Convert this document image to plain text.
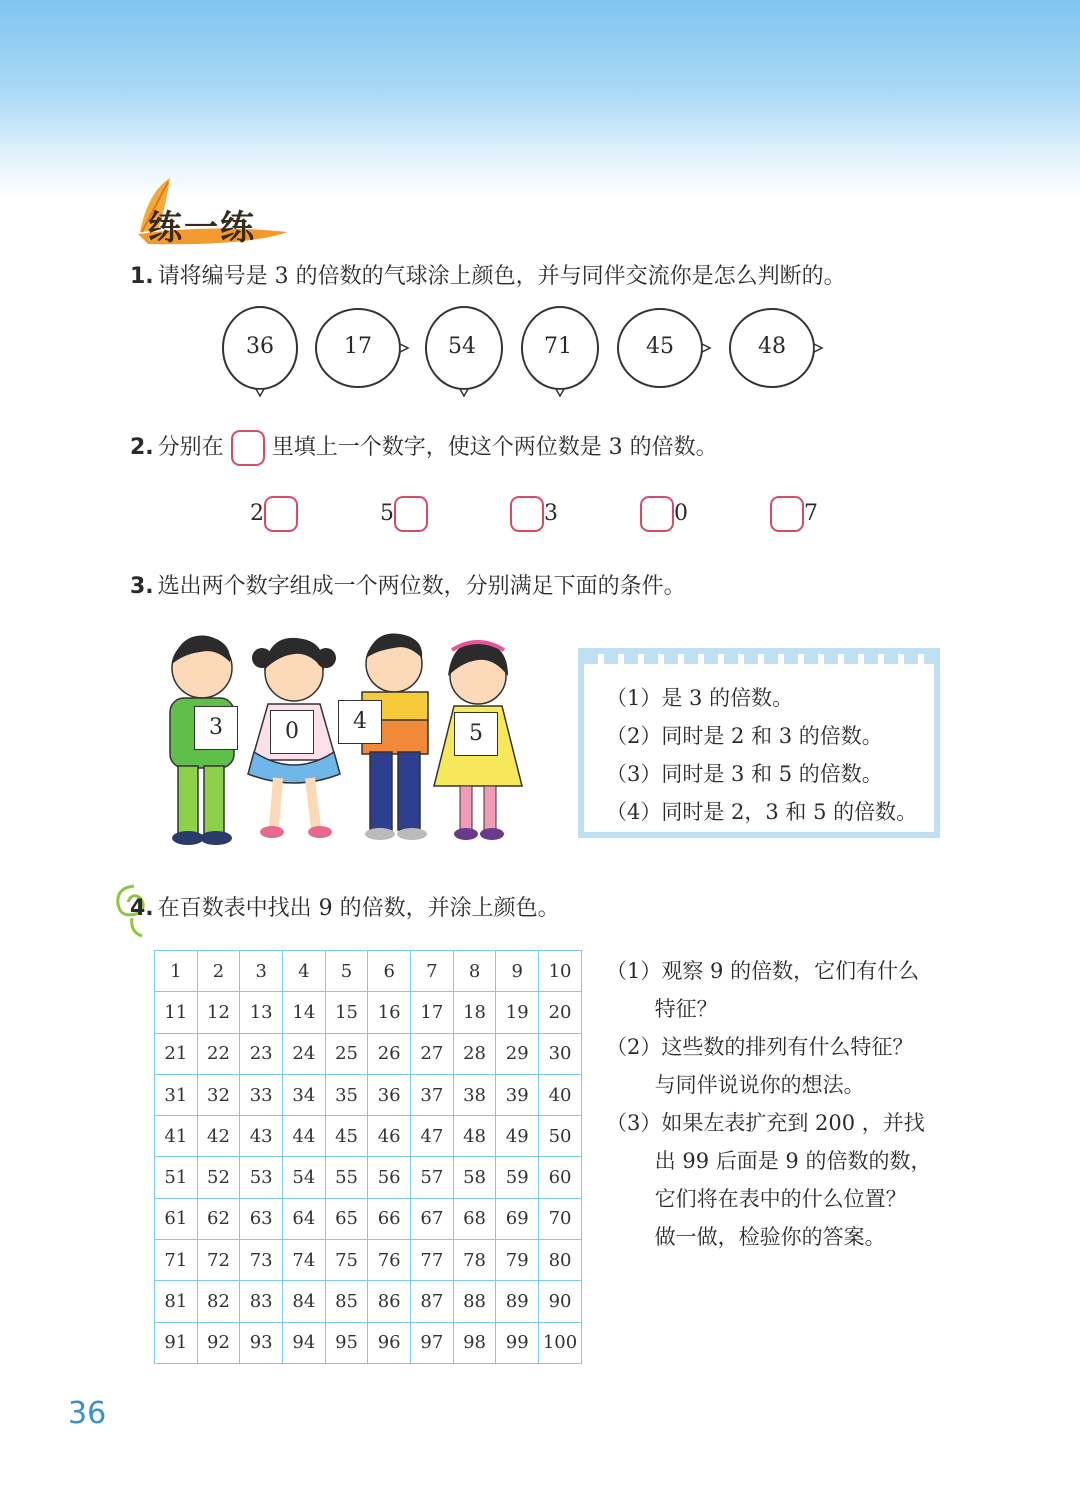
练一练
1. 请将编号是 3 的倍数的气球涂上颜色，并与同伴交流你是怎么判断的。
36	17	54	71	45	48
2. 分别在 里填上一个数字，使这个两位数是 3 的倍数。
2	5	3	0	7
3. 选出两个数字组成一个两位数，分别满足下面的条件。
3	0	4	5
（1）是 3 的倍数。
（2）同时是 2 和 3 的倍数。
（3）同时是 3 和 5 的倍数。
（4）同时是 2，3 和 5 的倍数。
4. 在百数表中找出 9 的倍数，并涂上颜色。
1	2	3	4	5	6	7	8	9	10
11	12	13	14	15	16	17	18	19	20
21	22	23	24	25	26	27	28	29	30
31	32	33	34	35	36	37	38	39	40
41	42	43	44	45	46	47	48	49	50
51	52	53	54	55	56	57	58	59	60
61	62	63	64	65	66	67	68	69	70
71	72	73	74	75	76	77	78	79	80
81	82	83	84	85	86	87	88	89	90
91	92	93	94	95	96	97	98	99	100
（1）观察 9 的倍数，它们有什么
　　 特征？
（2）这些数的排列有什么特征？
　　 与同伴说说你的想法。
（3）如果左表扩充到 200 ，并找
　　 出 99 后面是 9 的倍数的数，
　　 它们将在表中的什么位置？
　　 做一做，检验你的答案。
36
